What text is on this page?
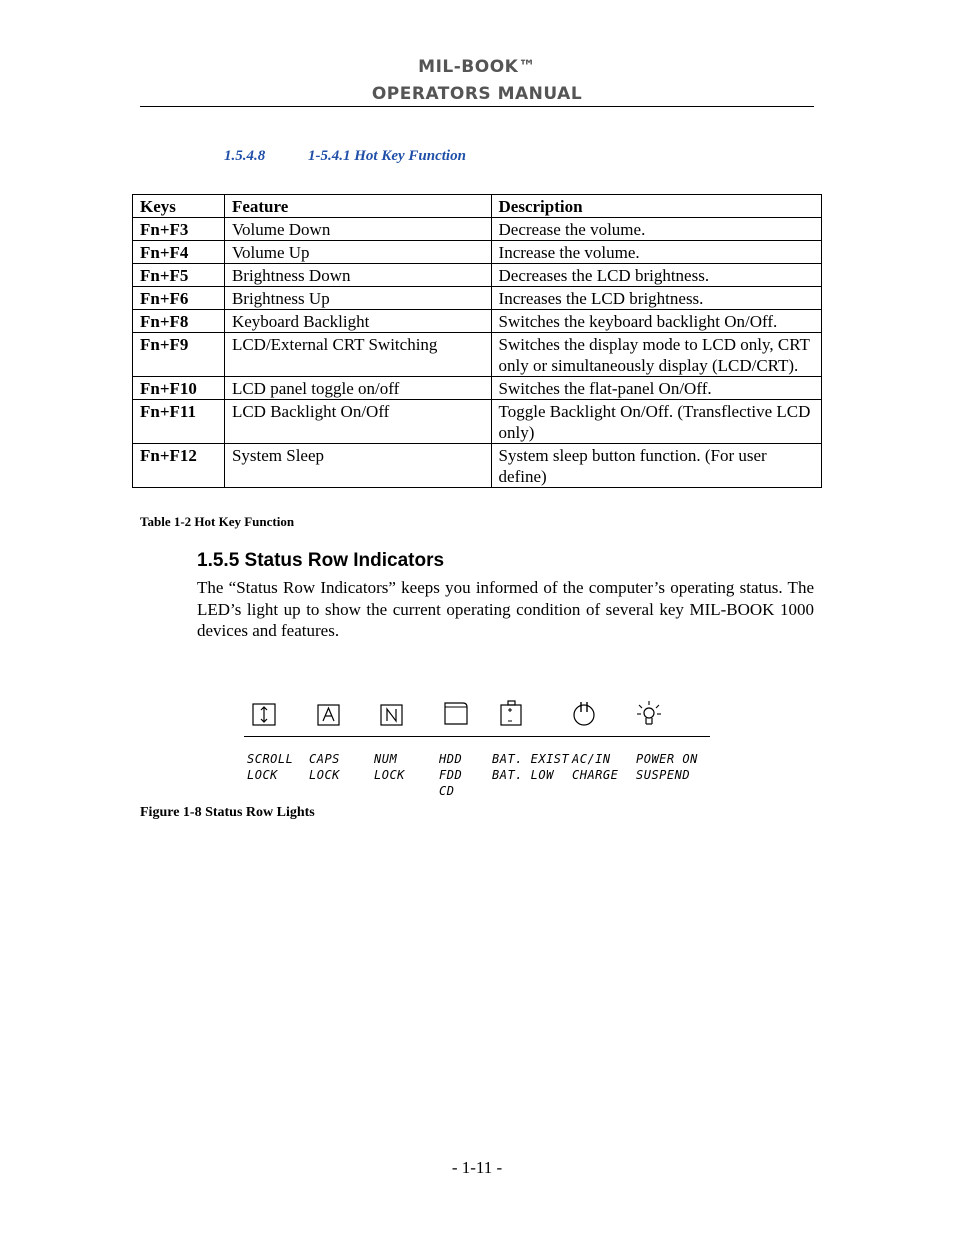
MIL-BOOK™
OPERATORS MANUAL
1.5.4.8	1-5.4.1 Hot Key Function
Keys	Feature	Description
Fn+F3	Volume Down	Decrease the volume.
Fn+F4	Volume Up	Increase the volume.
Fn+F5	Brightness Down	Decreases the LCD brightness.
Fn+F6	Brightness Up	Increases the LCD brightness.
Fn+F8	Keyboard Backlight	Switches the keyboard backlight On/Off.
Fn+F9	LCD/External CRT Switching	Switches the display mode to LCD only, CRT only or simultaneously display (LCD/CRT).
Fn+F10	LCD panel toggle on/off	Switches the flat-panel On/Off.
Fn+F11	LCD Backlight On/Off	Toggle Backlight On/Off. (Transflective LCD only)
Fn+F12	System Sleep	System sleep button function. (For user define)
Table 1-2 Hot Key Function
1.5.5 Status Row Indicators
The “Status Row Indicators” keeps you informed of the computer’s operating status. The LED’s light up to show the current operating condition of several key MIL-BOOK 1000 devices and features.
SCROLL
LOCK
CAPS
LOCK
NUM
LOCK
HDD
FDD
CD
BAT. EXIST
BAT. LOW
AC/IN
CHARGE
POWER ON
SUSPEND
Figure 1-8 Status Row Lights
- 1-11 -
